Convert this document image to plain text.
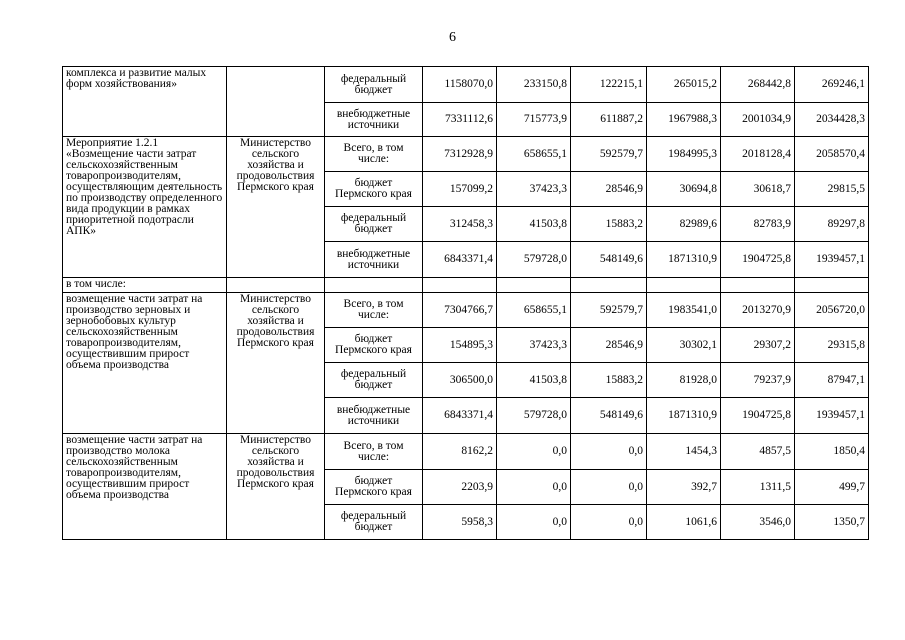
6
комплекса и развитие малых форм хозяйствования»		федеральный бюджет	1158070,0	233150,8	122215,1	265015,2	268442,8	269246,1
		внебюджетные источники	7331112,6	715773,9	611887,2	1967988,3	2001034,9	2034428,3
Мероприятие 1.2.1 «Возмещение части затрат сельскохозяйственным товаропроизводителям, осуществляющим деятельность по производству определенного вида продукции в рамках приоритетной подотрасли АПК»	Министерство сельского хозяйства и продовольствия Пермского края	Всего, в том числе:	7312928,9	658655,1	592579,7	1984995,3	2018128,4	2058570,4
		бюджет Пермского края	157099,2	37423,3	28546,9	30694,8	30618,7	29815,5
		федеральный бюджет	312458,3	41503,8	15883,2	82989,6	82783,9	89297,8
		внебюджетные источники	6843371,4	579728,0	548149,6	1871310,9	1904725,8	1939457,1
в том числе:								
возмещение части затрат на производство зерновых и зернобобовых культур сельскохозяйственным товаропроизводителям, осуществившим прирост объема производства	Министерство сельского хозяйства и продовольствия Пермского края	Всего, в том числе:	7304766,7	658655,1	592579,7	1983541,0	2013270,9	2056720,0
		бюджет Пермского края	154895,3	37423,3	28546,9	30302,1	29307,2	29315,8
		федеральный бюджет	306500,0	41503,8	15883,2	81928,0	79237,9	87947,1
		внебюджетные источники	6843371,4	579728,0	548149,6	1871310,9	1904725,8	1939457,1
возмещение части затрат на производство молока сельскохозяйственным товаропроизводителям, осуществившим прирост объема производства	Министерство сельского хозяйства и продовольствия Пермского края	Всего, в том числе:	8162,2	0,0	0,0	1454,3	4857,5	1850,4
		бюджет Пермского края	2203,9	0,0	0,0	392,7	1311,5	499,7
		федеральный бюджет	5958,3	0,0	0,0	1061,6	3546,0	1350,7
